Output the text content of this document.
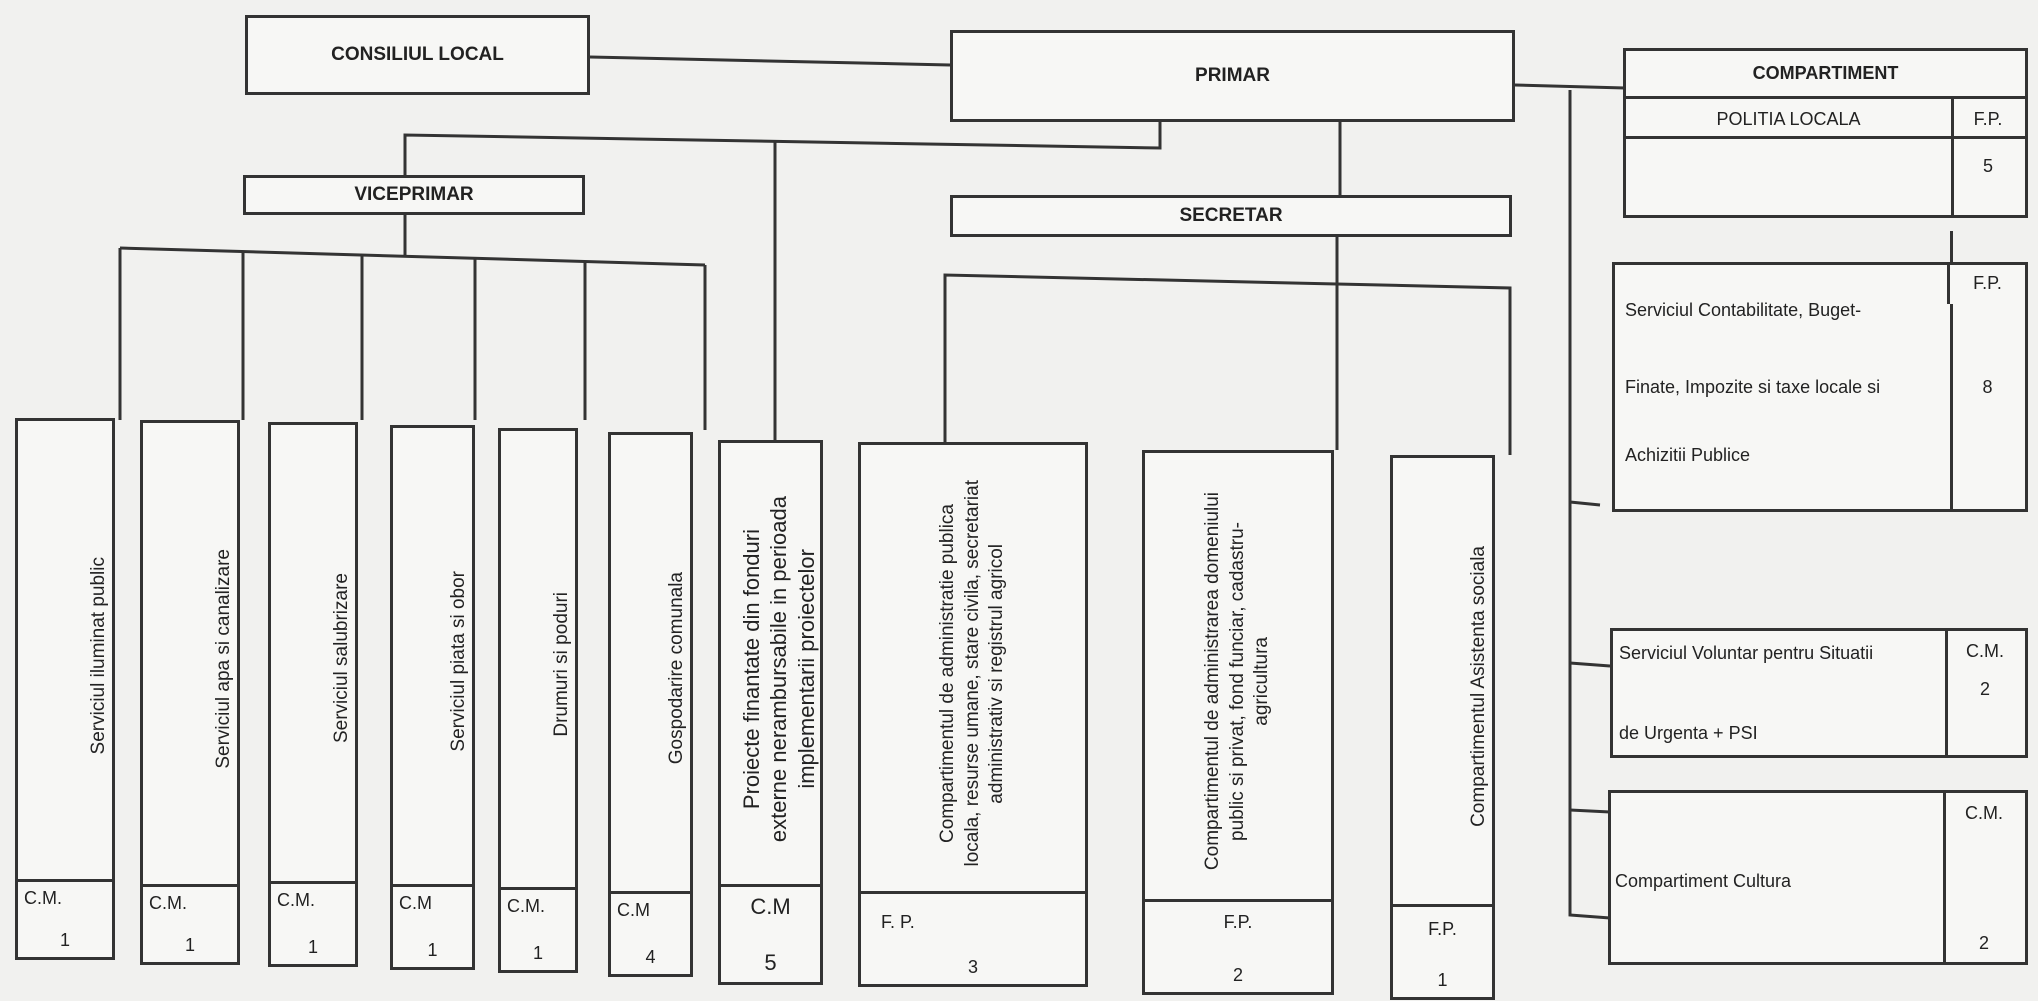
CONSILIUL LOCAL
PRIMAR
VICEPRIMAR
SECRETAR
COMPARTIMENT
POLITIA LOCALA	F.P.
5
Serviciul iluminat public
C.M.
1
Serviciul apa si canalizare
C.M.
1
Serviciul salubrizare
C.M.
1
Serviciul piata si obor
C.M
1
Drumuri si poduri
C.M.
1
Gospodarire comunala
C.M
4
Proiecte finantate din fonduri externe nerambursabile in perioada implementarii proiectelor
C.M
5
Compartimentul de administratie publica locala, resurse umane, stare civila, secretariat administrativ si registrul agricol
F. P.
3
Compartimentul de administrarea domeniului public si privat, fond funciar, cadastru- agricultura
F.P.
2
Compartimentul Asistenta sociala
F.P.
1
Serviciul Contabilitate, Buget-
Finate, Impozite si taxe locale si
Achizitii Publice
8
F.P.
Serviciul Voluntar pentru Situatii
de Urgenta + PSI
C.M.
2
Compartiment Cultura
C.M.
2
